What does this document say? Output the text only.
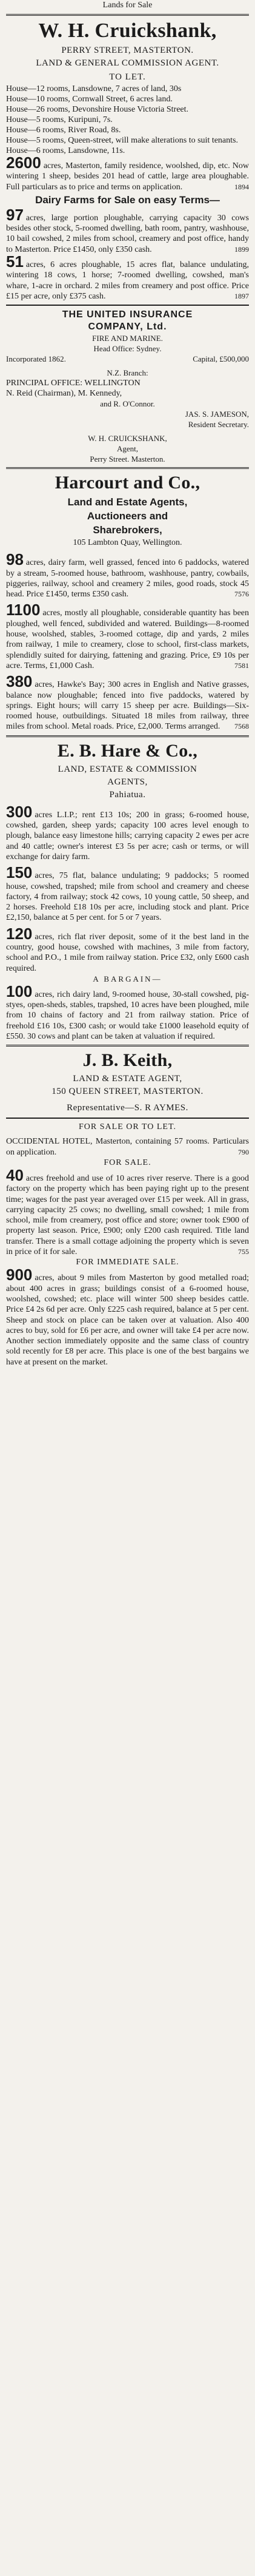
Lands for Sale
W. H. Cruickshank,
PERRY STREET, MASTERTON.
LAND & GENERAL COMMISSION AGENT.
TO LET.

House—12 rooms, Lansdowne, 7 acres of land, 30s

House—10 rooms, Cornwall Street, 6 acres land.

House—26 rooms, Devonshire House Victoria Street.

House—5 rooms, Kuripuni, 7s.

House—6 rooms, River Road, 8s.

House—5 rooms, Queen-street, will make alterations to suit tenants.

House—6 rooms, Lansdowne, 11s.

2600 acres, Masterton, family residence, woolshed, dip, etc. Now wintering 1 sheep, besides 201 head of cattle, large area ploughable. Full particulars as to price and terms on application.	1894

Dairy Farms for Sale on easy Terms—

97 acres, large portion ploughable, carrying capacity 30 cows besides other stock, 5-roomed dwelling, bath room, pantry, washhouse, 10 bail cowshed, 2 miles from school, creamery and post office, handy to Masterton. Price £1450, only £350 cash.	1899

51 acres, 6 acres ploughable, 15 acres flat, balance undulating, wintering 18 cows, 1 horse; 7-roomed dwelling, cowshed, man's whare, 1-acre in orchard. 2 miles from creamery and post office. Price £15 per acre, only £375 cash.	1897

THE UNITED INSURANCE
COMPANY, Ltd.
FIRE AND MARINE.
Head Office: Sydney.
Incorporated 1862.	Capital, £500,000
N.Z. Branch:
PRINCIPAL OFFICE: WELLINGTON
N. Reid (Chairman), M. Kennedy,
and R. O'Connor.
JAS. S. JAMESON,
Resident Secretary.
W. H. CRUICKSHANK,
Agent,
Perry Street. Masterton.
Harcourt and Co.,
Land and Estate Agents,
Auctioneers and
Sharebrokers,
105 Lambton Quay, Wellington.

98 acres, dairy farm, well grassed, fenced into 6 paddocks, watered by a stream, 5-roomed house, bathroom, washhouse, pantry, cowbails, piggeries, railway, school and creamery 2 miles, good roads, stock 45 head. Price £1450, terms £350 cash.	7576

1100 acres, mostly all ploughable, considerable quantity has been ploughed, well fenced, subdivided and watered. Buildings—8-roomed house, woolshed, stables, 3-roomed cottage, dip and yards, 2 miles from railway, 1 mile to creamery, close to school, first-class markets, splendidly suited for dairying, fattening and grazing. Price, £9 10s per acre. Terms, £1,000 Cash.	7581

380 acres, Hawke's Bay; 300 acres in English and Native grasses, balance now ploughable; fenced into five paddocks, watered by springs. Eight hours; will carry 15 sheep per acre. Buildings—Six-roomed house, outbuildings. Situated 18 miles from railway, three miles from school. Metal roads. Price, £2,000. Terms arranged. 7568

E. B. Hare & Co.,
LAND, ESTATE & COMMISSION
AGENTS,
Pahiatua.

300 acres L.I.P.; rent £13 10s; 200 in grass; 6-roomed house, cowshed, garden, sheep yards; capacity 100 acres level enough to plough, balance easy limestone hills; carrying capacity 2 ewes per acre and 40 cattle; owner's interest £3 5s per acre; cash or terms, or will exchange for dairy farm.

150 acres, 75 flat, balance undulating; 9 paddocks; 5 roomed house, cowshed, trapshed; mile from school and creamery and cheese factory, 4 from railway; stock 42 cows, 10 young cattle, 50 sheep, and 2 horses. Freehold £18 10s per acre, including stock and plant. Price £2,150, balance at 5 per cent. for 5 or 7 years.

120 acres, rich flat river deposit, some of it the best land in the country, good house, cowshed with machines, 3 mile from factory, school and P.O., 1 mile from railway station. Price £32, only £600 cash required.

A BARGAIN—

100 acres, rich dairy land, 9-roomed house, 30-stall cowshed, pig-styes, open-sheds, stables, trapshed, 10 acres have been ploughed, mile from 10 chains of factory and 21 from railway station. Price of freehold £16 10s, £300 cash; or would take £1000 leasehold equity of £550. 30 cows and plant can be taken at valuation if required.

J. B. Keith,
LAND & ESTATE AGENT,
150 QUEEN STREET, MASTERTON.
Representative—S. R AYMES.
FOR SALE OR TO LET.

OCCIDENTAL HOTEL, Masterton, containing 57 rooms. Particulars on application.	790

FOR SALE.

40 acres freehold and use of 10 acres river reserve. There is a good factory on the property which has been paying right up to the present time; wages for the past year averaged over £15 per week. All in grass, carrying capacity 25 cows; no dwelling, small cowshed; 1 mile from school, mile from creamery, post office and store; owner took £900 of property last season. Price, £900; only £200 cash required. Title land transfer. There is a small cottage adjoining the property which is seven in price of it for sale.	755

FOR IMMEDIATE SALE.

900 acres, about 9 miles from Masterton by good metalled road; about 400 acres in grass; buildings consist of a 6-roomed house, woolshed, cowshed; etc. place will winter 500 sheep besides cattle. Price £4 2s 6d per acre. Only £225 cash required, balance at 5 per cent. Sheep and stock on place can be taken over at valuation. Also 400 acres to buy, sold for £6 per acre, and owner will take £4 per acre now. Another section immediately opposite and the same class of country sold recently for £8 per acre. This place is one of the best bargains we have at present on the market.
